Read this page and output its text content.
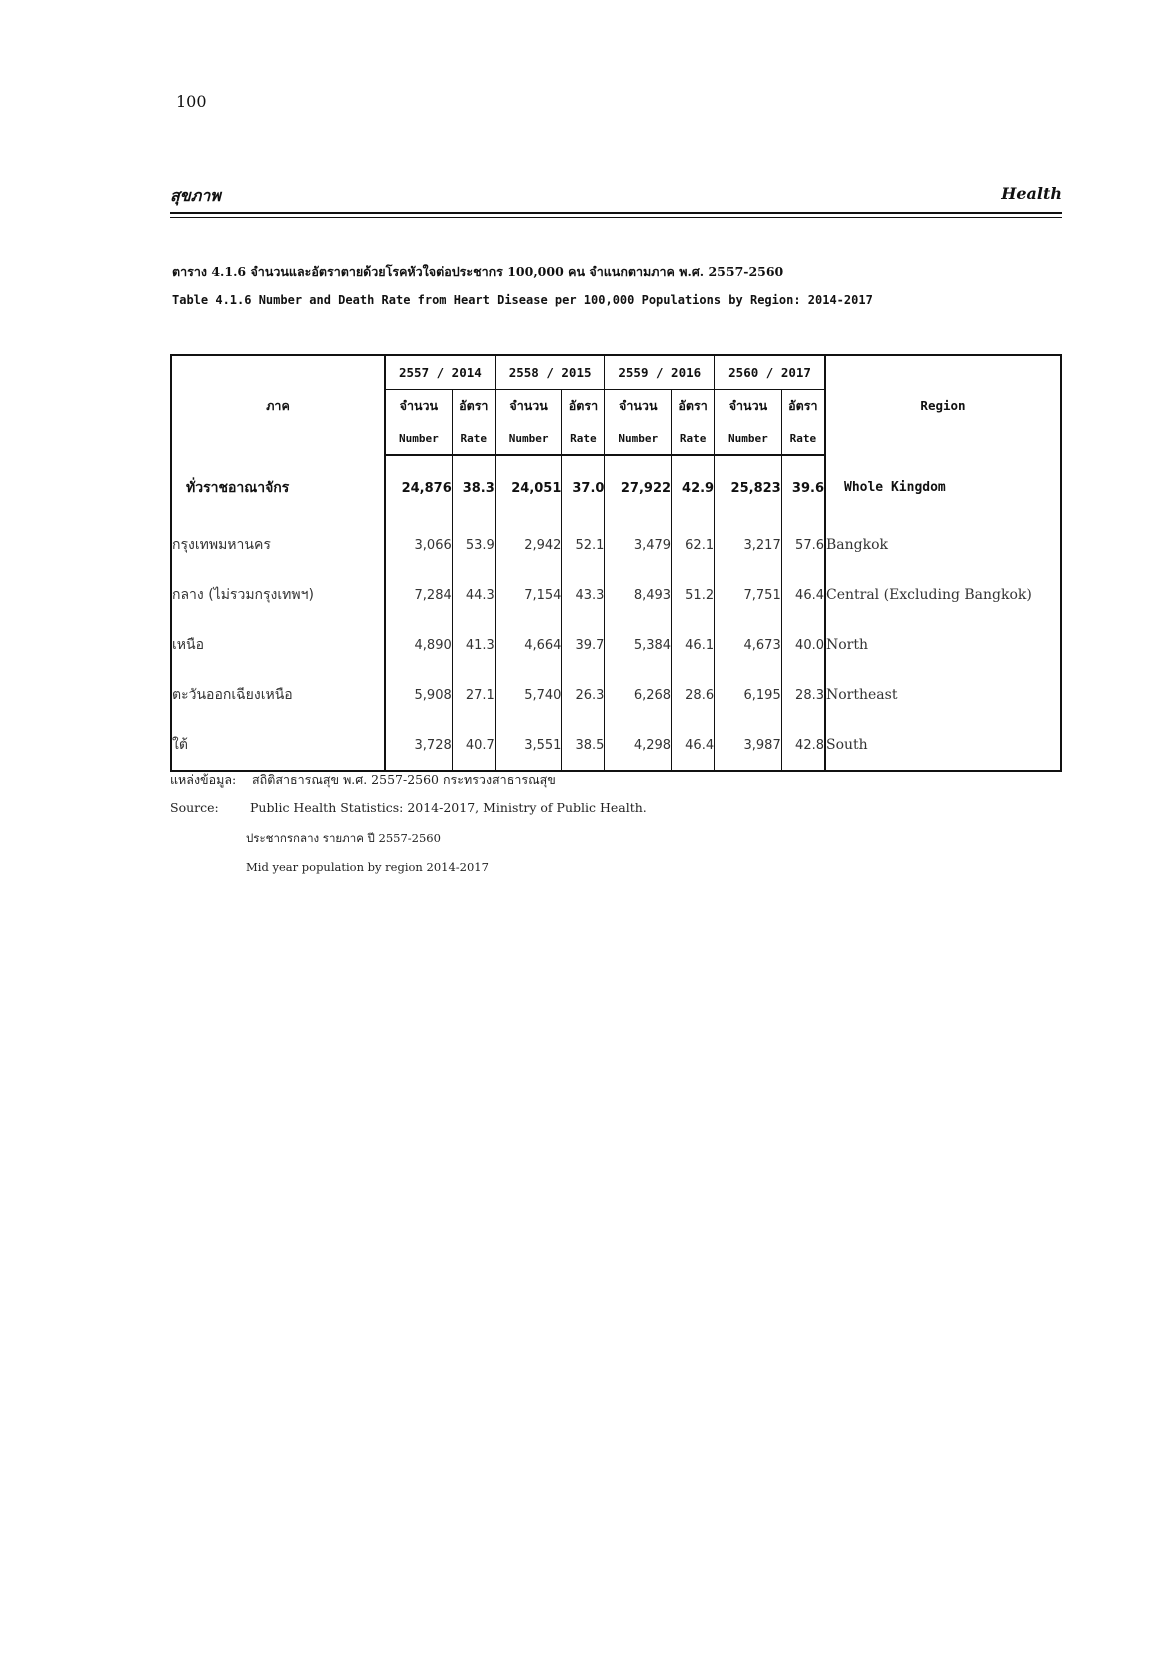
100
สุขภาพ	Health
ตาราง 4.1.6 จำนวนและอัตราตายด้วยโรคหัวใจต่อประชากร 100,000 คน จำแนกตามภาค พ.ศ. 2557-2560
Table 4.1.6 Number and Death Rate from Heart Disease per 100,000 Populations by Region: 2014-2017
ภาค	2557 / 2014		2558 / 2015		2559 / 2016		2560 / 2017		Region
	จำนวน	อัตรา	จำนวน	อัตรา	จำนวน	อัตรา	จำนวน	อัตรา	
	Number	Rate	Number	Rate	Number	Rate	Number	Rate	
ทั่วราชอาณาจักร	24,876	38.3	24,051	37.0	27,922	42.9	25,823	39.6	Whole Kingdom
กรุงเทพมหานคร	3,066	53.9	2,942	52.1	3,479	62.1	3,217	57.6	Bangkok
กลาง (ไม่รวมกรุงเทพฯ)	7,284	44.3	7,154	43.3	8,493	51.2	7,751	46.4	Central (Excluding Bangkok)
เหนือ	4,890	41.3	4,664	39.7	5,384	46.1	4,673	40.0	North
ตะวันออกเฉียงเหนือ	5,908	27.1	5,740	26.3	6,268	28.6	6,195	28.3	Northeast
ใต้	3,728	40.7	3,551	38.5	4,298	46.4	3,987	42.8	South
แหล่งข้อมูล: สถิติสาธารณสุข พ.ศ. 2557-2560 กระทรวงสาธารณสุข
Source:	Public Health Statistics: 2014-2017, Ministry of Public Health.
ประชากรกลาง รายภาค ปี 2557-2560
Mid year population by region 2014-2017
